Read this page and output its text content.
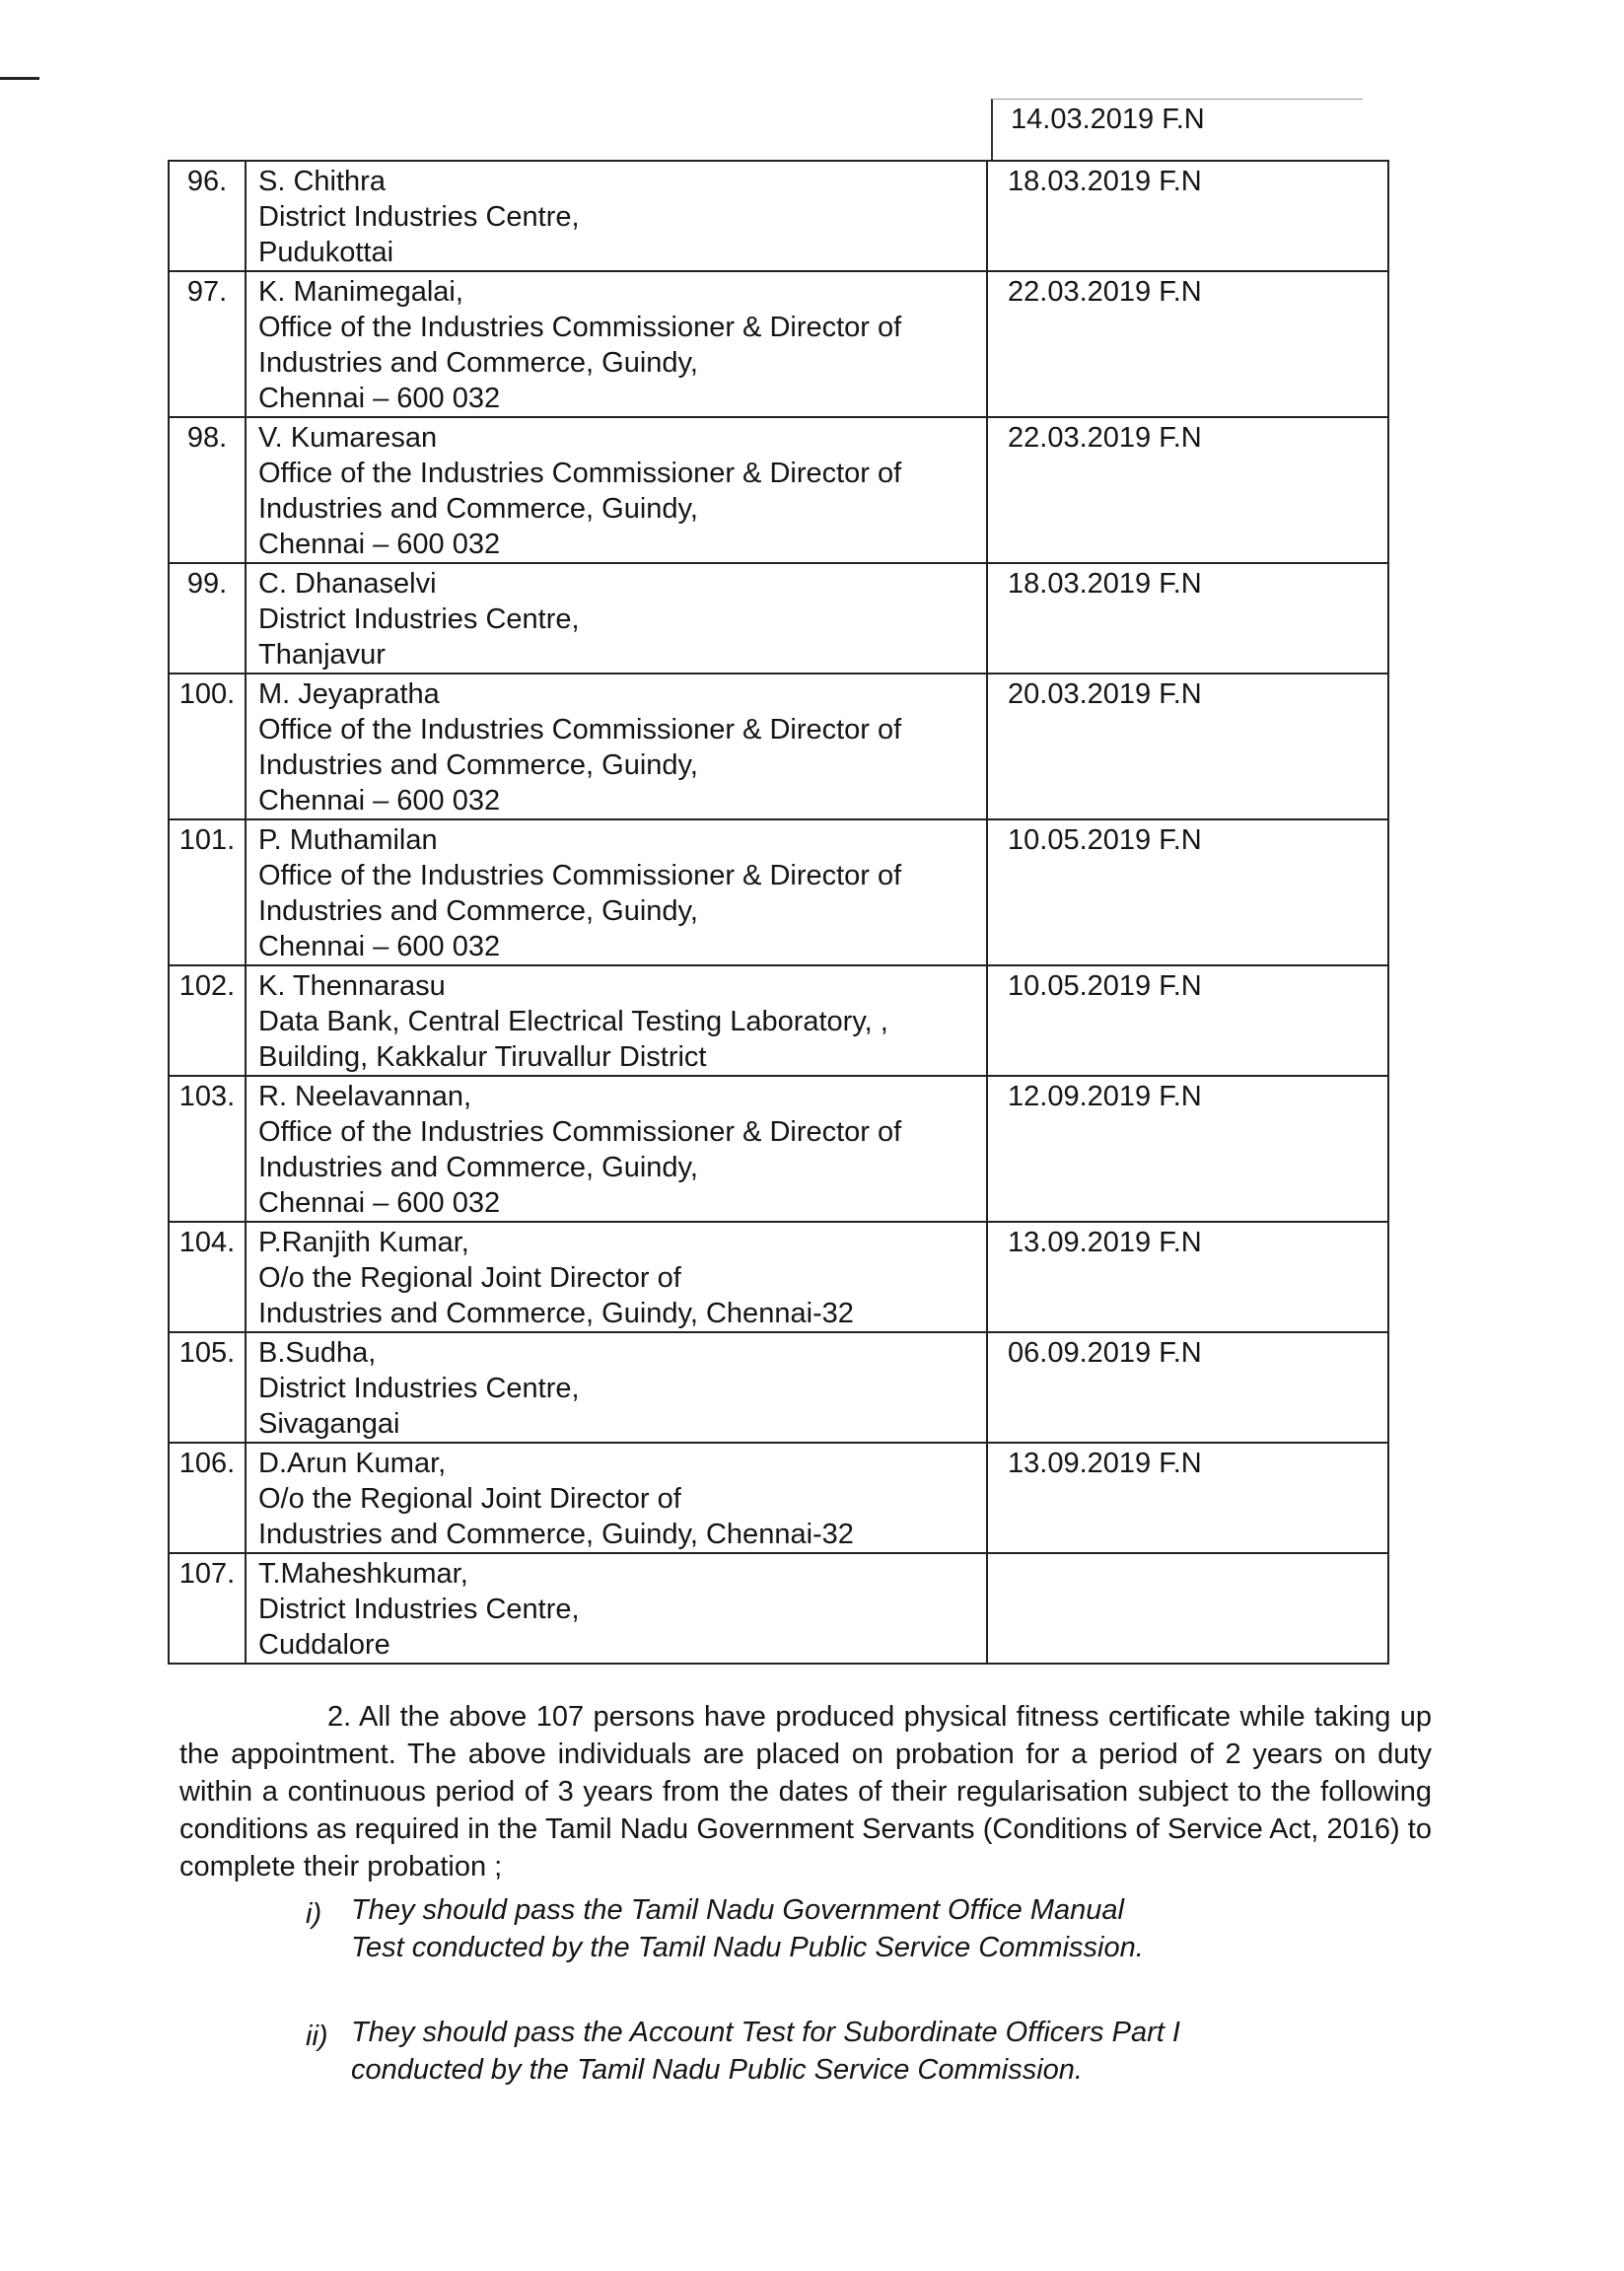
14.03.2019 F.N
96.	S. Chithra
District Industries Centre,
Pudukottai	18.03.2019 F.N
97.	K. Manimegalai,
Office of the Industries Commissioner & Director of
Industries and Commerce, Guindy,
Chennai – 600 032	22.03.2019 F.N
98.	V. Kumaresan
Office of the Industries Commissioner & Director of
Industries and Commerce, Guindy,
Chennai – 600 032	22.03.2019 F.N
99.	C. Dhanaselvi
District Industries Centre,
Thanjavur	18.03.2019 F.N
100.	M. Jeyapratha
Office of the Industries Commissioner & Director of
Industries and Commerce, Guindy,
Chennai – 600 032	20.03.2019 F.N
101.	P. Muthamilan
Office of the Industries Commissioner & Director of
Industries and Commerce, Guindy,
Chennai – 600 032	10.05.2019 F.N
102.	K. Thennarasu
Data Bank, Central Electrical Testing Laboratory, ,
Building, Kakkalur Tiruvallur District	10.05.2019 F.N
103.	R. Neelavannan,
Office of the Industries Commissioner & Director of
Industries and Commerce, Guindy,
Chennai – 600 032	12.09.2019 F.N
104.	P.Ranjith Kumar,
O/o the Regional Joint Director of
Industries and Commerce, Guindy, Chennai-32	13.09.2019 F.N
105.	B.Sudha,
District Industries Centre,
Sivagangai	06.09.2019 F.N
106.	D.Arun Kumar,
O/o the Regional Joint Director of
Industries and Commerce, Guindy, Chennai-32	13.09.2019 F.N
107.	T.Maheshkumar,
District Industries Centre,
Cuddalore	

2. All the above 107 persons have produced physical fitness certificate while taking up the appointment. The above individuals are placed on probation for a period of 2 years on duty within a continuous period of 3 years from the dates of their regularisation subject to the following conditions as required in the Tamil Nadu Government Servants (Conditions of Service Act, 2016) to complete their probation ;
i) They should pass the Tamil Nadu Government Office Manual
Test conducted by the Tamil Nadu Public Service Commission.
ii) They should pass the Account Test for Subordinate Officers Part I
conducted by the Tamil Nadu Public Service Commission.
